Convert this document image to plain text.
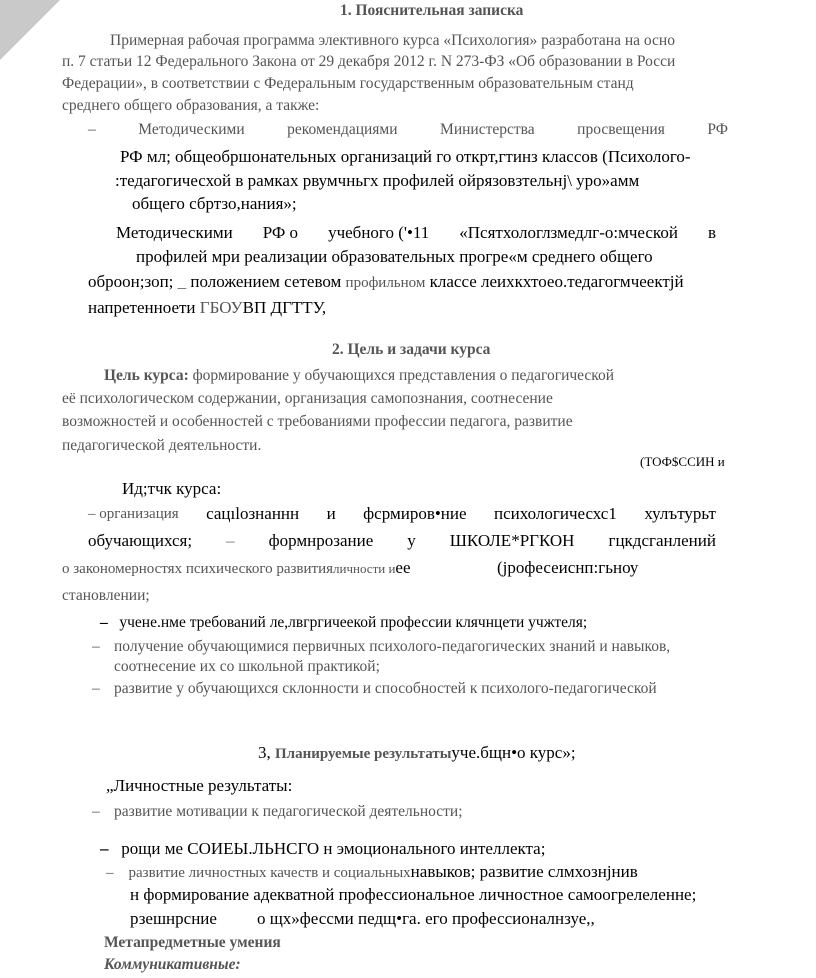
1. Пояснительная записка
Примерная рабочая программа элективного курса «Психология» разработана на осно
п. 7 статьи 12 Федерального Закона от 29 декабря 2012 г. N 273-ФЗ «Об образовании в Росси
Федерации», в соответствии с Федеральным государственным образовательным станд
среднего общего образования, а также:
–	Методическими	рекомендациями	Министерства	просвещения	РФ
РФ мл; общеобршонательных организаций го откpт,гтинз классов (Психолого-
:тедагогичесхой в рамках рвумчньгх профилей ойрязовзтельнј\ уро»амм
общего сбртзо,нания»;
Методическими РФ о учебного ('•11 «Псятхологлзмедлг-о:мческой в
профилей мри реализации образовательных прогре«м среднего общего
оброон;зоп; _ положением сетевом профильном классе леихкхтоео.тедагогмчеектјй
напретенноети ГБОУВП ДГТТУ,
2. Цель и задачи курса
Цель курса: формирование у обучающихся представления о педагогической
её психологическом содержании, организация самопознания, соотнесение
возможностей и особенностей с требованиями профессии педагога, развитие
педагогической деятельности.
(ТОФ$ССИН и
Ид;тчк курса:
– организация сацılознаннн и фсрмиров•ние психологичесхс1 хулътурьт
обучающихся; – формнрозание у ШКОЛЕ*РГКОН гцкдсганлений
о закономерностях психического развитияличности иее	(јрофесеиснп:гьноу
становлении;
– учене.нме требований ле,лвгргичеекой профессии клячнцети учжтеля;
– получение обучающимися первичных психолого-педагогических знаний и навыков,
соотнесение их со школьной практикой;
– развитие у обучающихся склонности и способностей к психолого-педагогической
3, Планируемые результатыуче.бщн•о курс»;
„Личностные результаты:
– развитие мотивации к педагогической деятельности;
– рощи ме СОИЕЫ.ЛЬНСГО н эмоционального интеллекта;
–    развитие личностных качеств и социальныхнавыков; развитие слмхознјнив
н формирование адекватной профессиональное личностное самоогрелеленне;
рзешнрсние о щх»фессми педщ•га. его профессионалнзуе,,
Метапредметные умения
Коммуникативные:
